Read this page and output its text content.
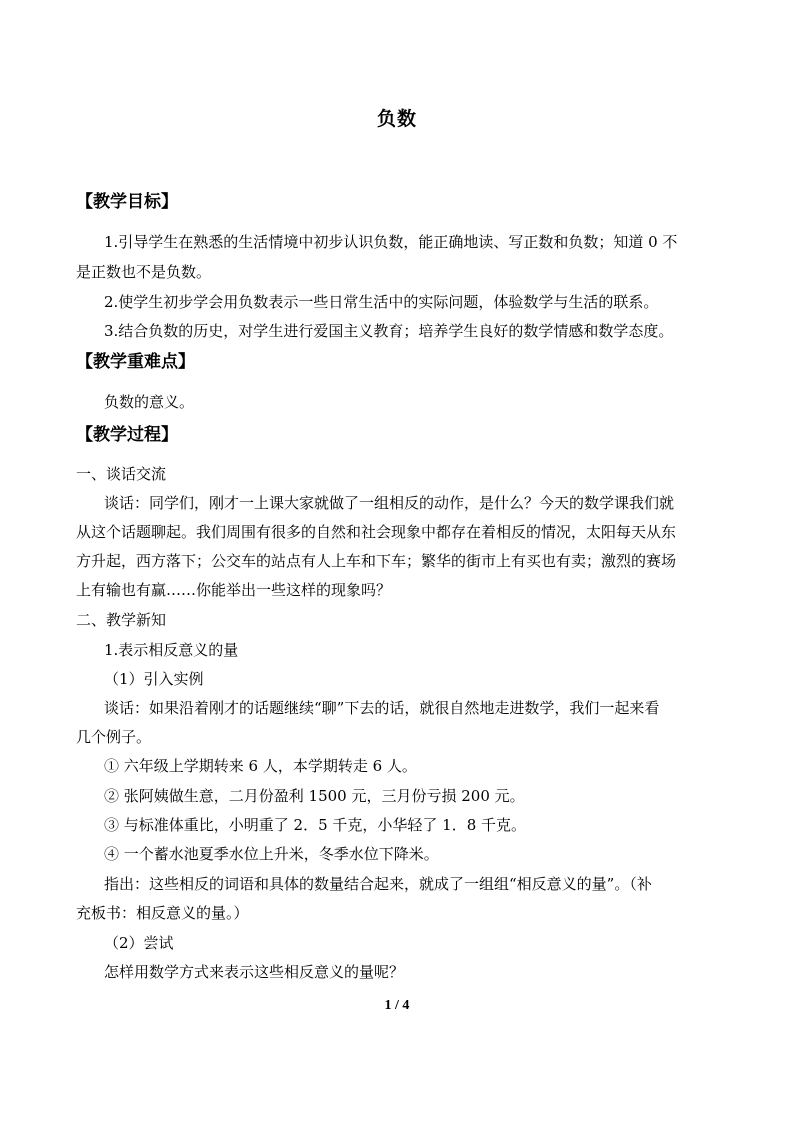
负数
【教学目标】
1.引导学生在熟悉的生活情境中初步认识负数，能正确地读、写正数和负数；知道 0 不
是正数也不是负数。
2.使学生初步学会用负数表示一些日常生活中的实际问题，体验数学与生活的联系。
3.结合负数的历史，对学生进行爱国主义教育；培养学生良好的数学情感和数学态度。
【教学重难点】
负数的意义。
【教学过程】
一、谈话交流
谈话：同学们，刚才一上课大家就做了一组相反的动作，是什么？今天的数学课我们就
从这个话题聊起。我们周围有很多的自然和社会现象中都存在着相反的情况，太阳每天从东
方升起，西方落下；公交车的站点有人上车和下车；繁华的街市上有买也有卖；激烈的赛场
上有输也有赢……你能举出一些这样的现象吗？
二、教学新知
1.表示相反意义的量
（1）引入实例
谈话：如果沿着刚才的话题继续“聊”下去的话，就很自然地走进数学，我们一起来看
几个例子。
① 六年级上学期转来 6 人，本学期转走 6 人。
② 张阿姨做生意，二月份盈利 1500 元，三月份亏损 200 元。
③ 与标准体重比，小明重了 2．5 千克，小华轻了 1．8 千克。
④ 一个蓄水池夏季水位上升米，冬季水位下降米。
指出：这些相反的词语和具体的数量结合起来，就成了一组组“相反意义的量”。（补
充板书：相反意义的量。）
（2）尝试
怎样用数学方式来表示这些相反意义的量呢？
1 / 4
